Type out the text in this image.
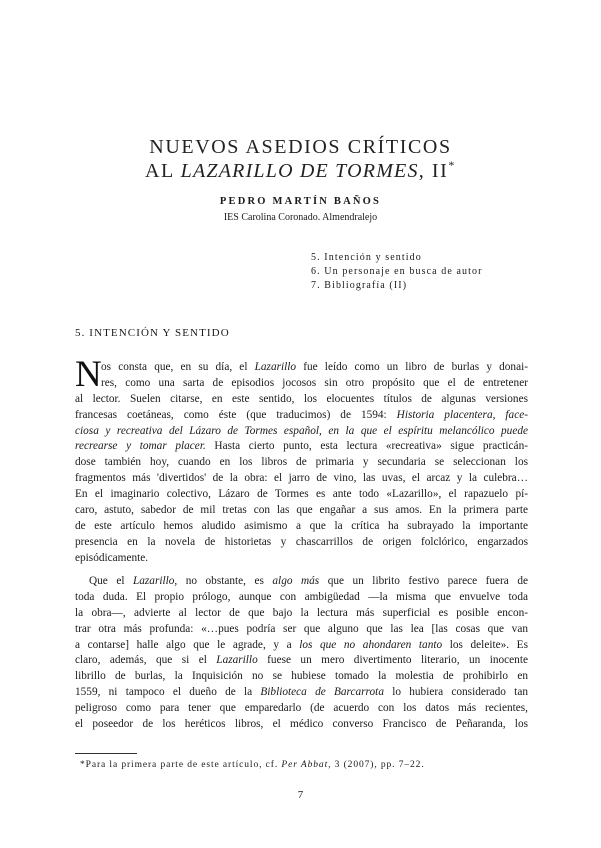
NUEVOS ASEDIOS CRÍTICOS
AL LAZARILLO DE TORMES, II*
PEDRO MARTÍN BAÑOS
IES Carolina Coronado. Almendralejo
5. Intención y sentido
6. Un personaje en busca de autor
7. Bibliografía (II)
5. INTENCIÓN Y SENTIDO
N os consta que, en su día, el Lazarillo fue leído como un libro de burlas y donai-
res, como una sarta de episodios jocosos sin otro propósito que el de entretener
al lector. Suelen citarse, en este sentido, los elocuentes títulos de algunas versiones
francesas coetáneas, como éste (que traducimos) de 1594: Historia placentera, face-
ciosa y recreativa del Lázaro de Tormes español, en la que el espíritu melancólico puede
recrearse y tomar placer. Hasta cierto punto, esta lectura «recreativa» sigue practicán-
dose también hoy, cuando en los libros de primaria y secundaria se seleccionan los
fragmentos más 'divertidos' de la obra: el jarro de vino, las uvas, el arcaz y la culebra…
En el imaginario colectivo, Lázaro de Tormes es ante todo «Lazarillo», el rapazuelo pí-
caro, astuto, sabedor de mil tretas con las que engañar a sus amos. En la primera parte
de este artículo hemos aludido asimismo a que la crítica ha subrayado la importante
presencia en la novela de historietas y chascarrillos de origen folclórico, engarzados
episódicamente.
Que el Lazarillo, no obstante, es algo más que un librito festivo parece fuera de
toda duda. El propio prólogo, aunque con ambigüedad —la misma que envuelve toda
la obra—, advierte al lector de que bajo la lectura más superficial es posible encon-
trar otra más profunda: «…pues podría ser que alguno que las lea [las cosas que van
a contarse] halle algo que le agrade, y a los que no ahondaren tanto los deleite». Es
claro, además, que si el Lazarillo fuese un mero divertimento literario, un inocente
librillo de burlas, la Inquisición no se hubiese tomado la molestia de prohibirlo en
1559, ni tampoco el dueño de la Biblioteca de Barcarrota lo hubiera considerado tan
peligroso como para tener que emparedarlo (de acuerdo con los datos más recientes,
el poseedor de los heréticos libros, el médico converso Francisco de Peñaranda, los
*Para la primera parte de este artículo, cf. Per Abbat, 3 (2007), pp. 7–22.
7
